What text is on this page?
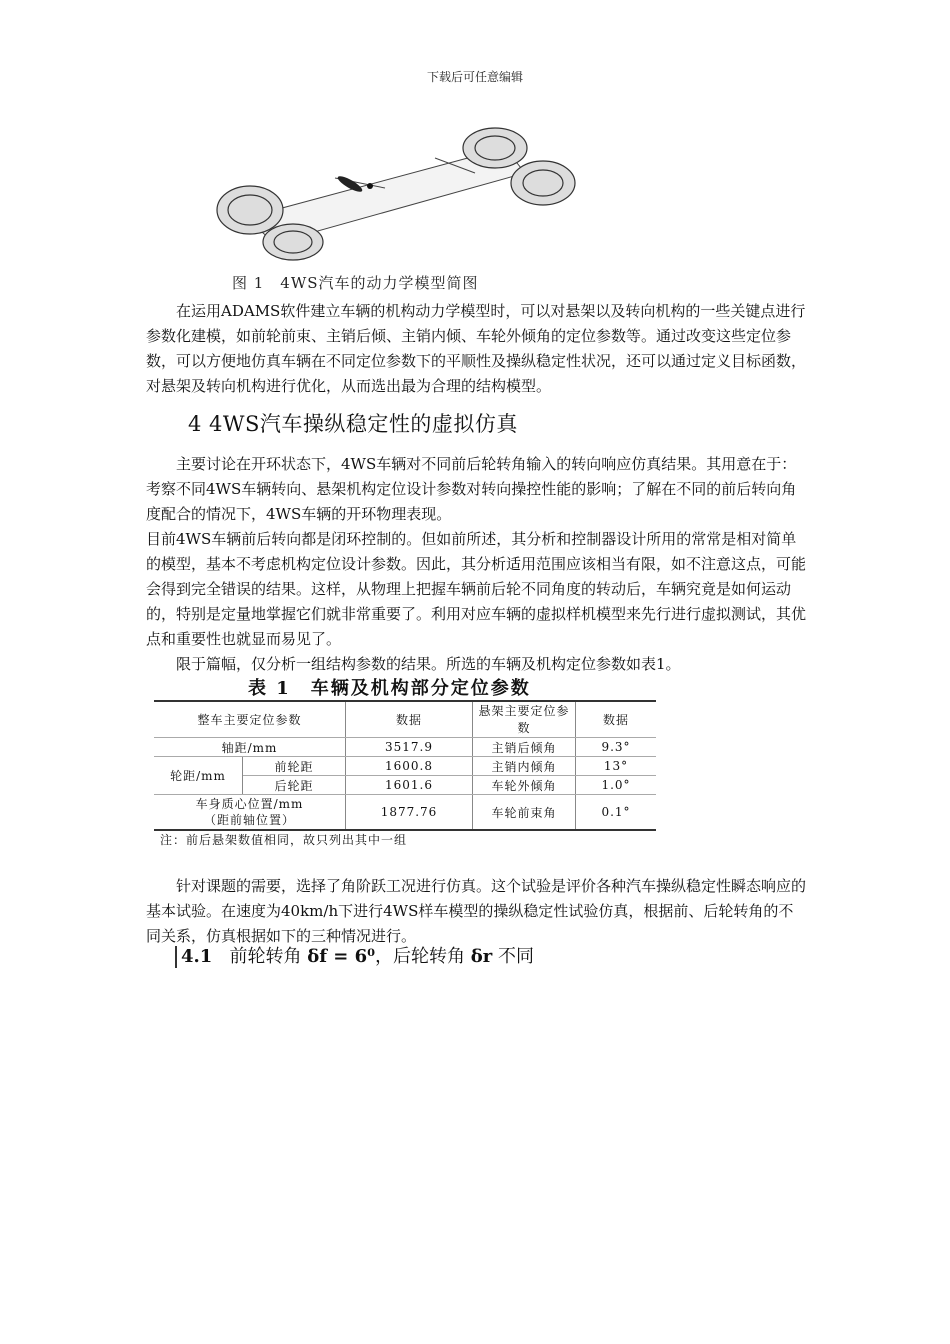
下载后可任意编辑
图 1　4WS汽车的动力学模型简图

在运用ADAMS软件建立车辆的机构动力学模型时，可以对悬架以及转向机构的一些关键点进行参数化建模，如前轮前束、主销后倾、主销内倾、车轮外倾角的定位参数等。通过改变这些定位参数，可以方便地仿真车辆在不同定位参数下的平顺性及操纵稳定性状况，还可以通过定义目标函数，对悬架及转向机构进行优化，从而选出最为合理的结构模型。

4 4WS汽车操纵稳定性的虚拟仿真

主要讨论在开环状态下，4WS车辆对不同前后轮转角输入的转向响应仿真结果。其用意在于：考察不同4WS车辆转向、悬架机构定位设计参数对转向操控性能的影响；了解在不同的前后转向角度配合的情况下，4WS车辆的开环物理表现。

目前4WS车辆前后转向都是闭环控制的。但如前所述，其分析和控制器设计所用的常常是相对简单的模型，基本不考虑机构定位设计参数。因此，其分析适用范围应该相当有限，如不注意这点，可能会得到完全错误的结果。这样，从物理上把握车辆前后轮不同角度的转动后，车辆究竟是如何运动的，特别是定量地掌握它们就非常重要了。利用对应车辆的虚拟样机模型来先行进行虚拟测试，其优点和重要性也就显而易见了。

限于篇幅，仅分析一组结构参数的结果。所选的车辆及机构定位参数如表1。

表 1　车辆及机构部分定位参数
整车主要定位参数		数据	悬架主要定位参数	数据
轴距/mm		3517.9	主销后倾角	9.3°
轮距/mm	前轮距	1600.8	主销内倾角	13°
	后轮距	1601.6	车轮外倾角	1.0°
车身质心位置/mm
（距前轴位置）		1877.76	车轮前束角	0.1°
注：前后悬架数值相同，故只列出其中一组

针对课题的需要，选择了角阶跃工况进行仿真。这个试验是评价各种汽车操纵稳定性瞬态响应的基本试验。在速度为40km/h下进行4WS样车模型的操纵稳定性试验仿真，根据前、后轮转角的不同关系，仿真根据如下的三种情况进行。

4.1 前轮转角 δf = 6⁰，后轮转角 δr 不同
